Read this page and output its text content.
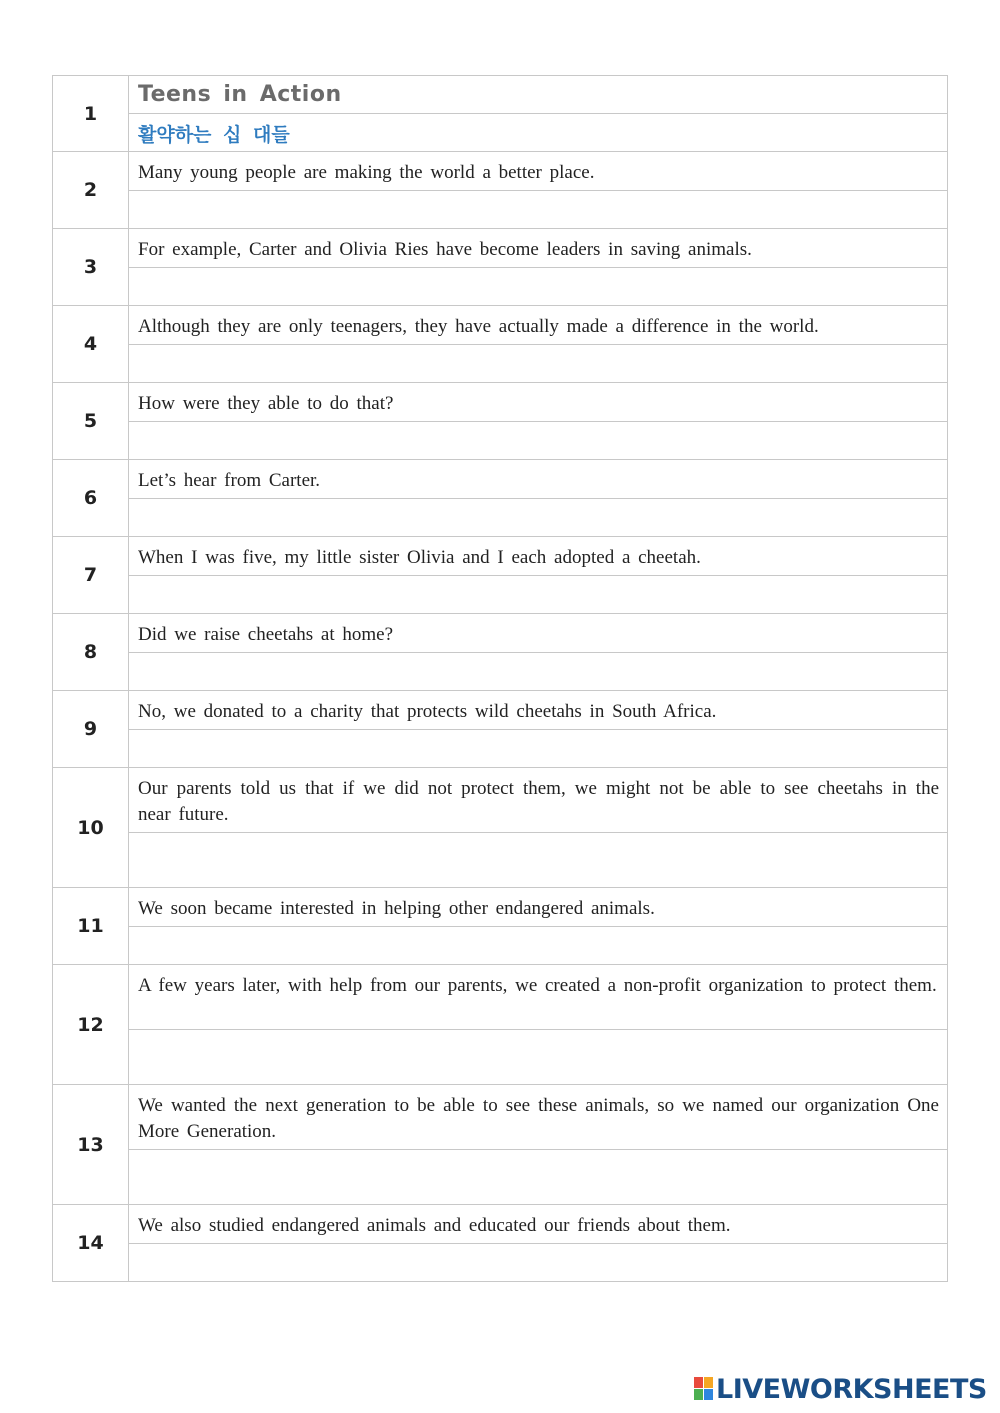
1	Teens in Action
	활약하는 십 대들
2	Many young people are making the world a better place.

3	For example, Carter and Olivia Ries have become leaders in saving animals.

4	Although they are only teenagers, they have actually made a difference in the world.

5	How were they able to do that?

6	Let’s hear from Carter.

7	When I was five, my little sister Olivia and I each adopted a cheetah.

8	Did we raise cheetahs at home?

9	No, we donated to a charity that protects wild cheetahs in South Africa.

10	Our parents told us that if we did not protect them, we might not be able to see cheetahs in the near future.

11	We soon became interested in helping other endangered animals.

12	A few years later, with help from our parents, we created a non-profit organization to protect them.

13	We wanted the next generation to be able to see these animals, so we named our organization One More Generation.

14	We also studied endangered animals and educated our friends about them.

LIVEWORKSHEETS
